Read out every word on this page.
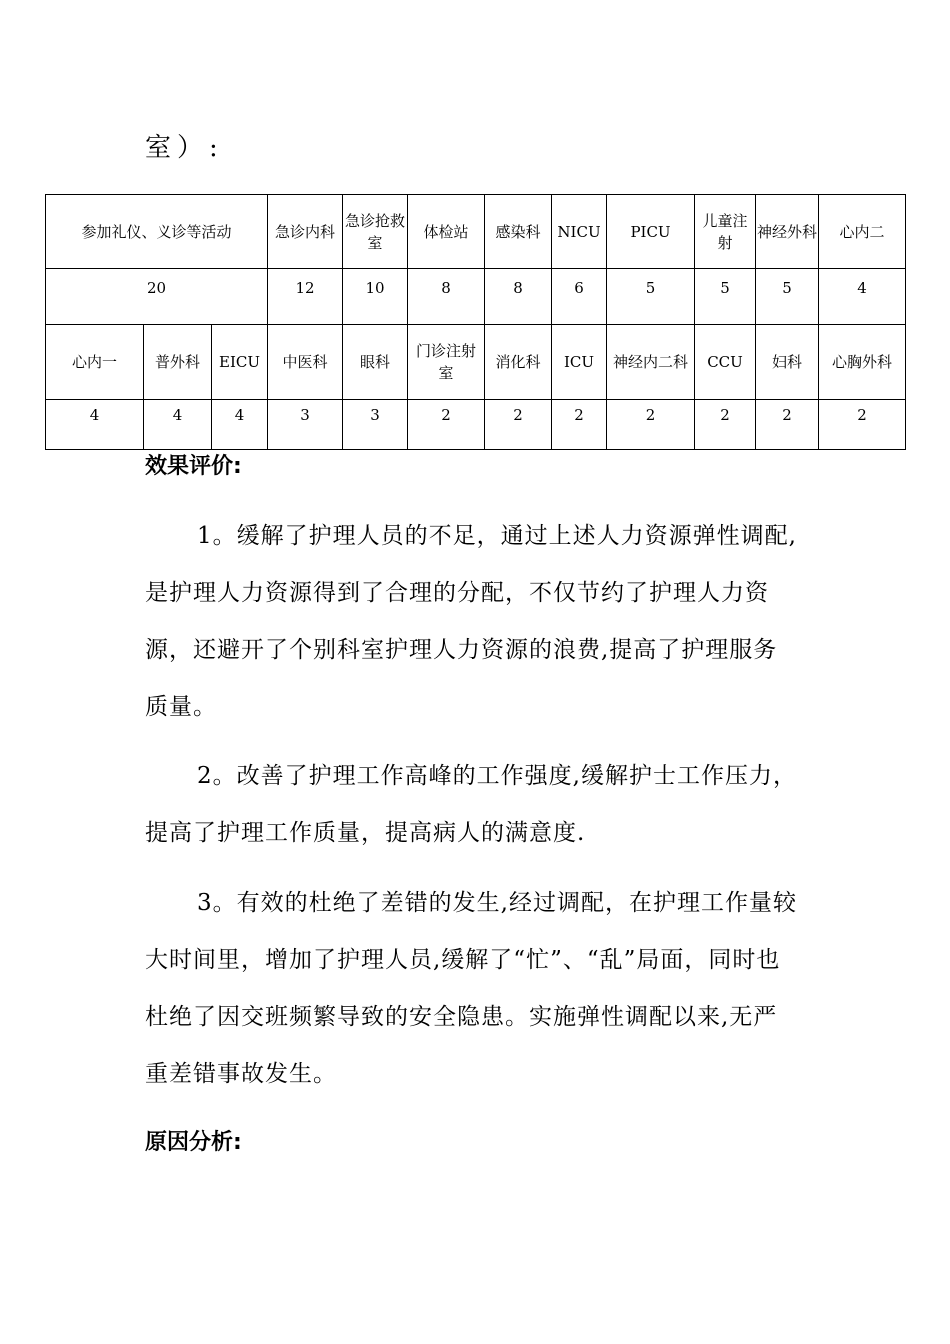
室）:
参加礼仪、义诊等活动			急诊内科	急诊抢救室	体检站	感染科	NICU	PICU	儿童注射	神经外科	心内二
20			12	10	8	8	6	5	5	5	4
心内一	普外科	EICU	中医科	眼科	门诊注射室	消化科	ICU	神经内二科	CCU	妇科	心胸外科
4	4	4	3	3	2	2	2	2	2	2	2
效果评价:

1。缓解了护理人员的不足，通过上述人力资源弹性调配,是护理人力资源得到了合理的分配，不仅节约了护理人力资源，还避开了个别科室护理人力资源的浪费,提高了护理服务质量。

2。改善了护理工作高峰的工作强度,缓解护士工作压力，提高了护理工作质量，提高病人的满意度.

3。有效的杜绝了差错的发生,经过调配，在护理工作量较大时间里，增加了护理人员,缓解了“忙”、“乱”局面，同时也杜绝了因交班频繁导致的安全隐患。实施弹性调配以来,无严重差错事故发生。

原因分析:
